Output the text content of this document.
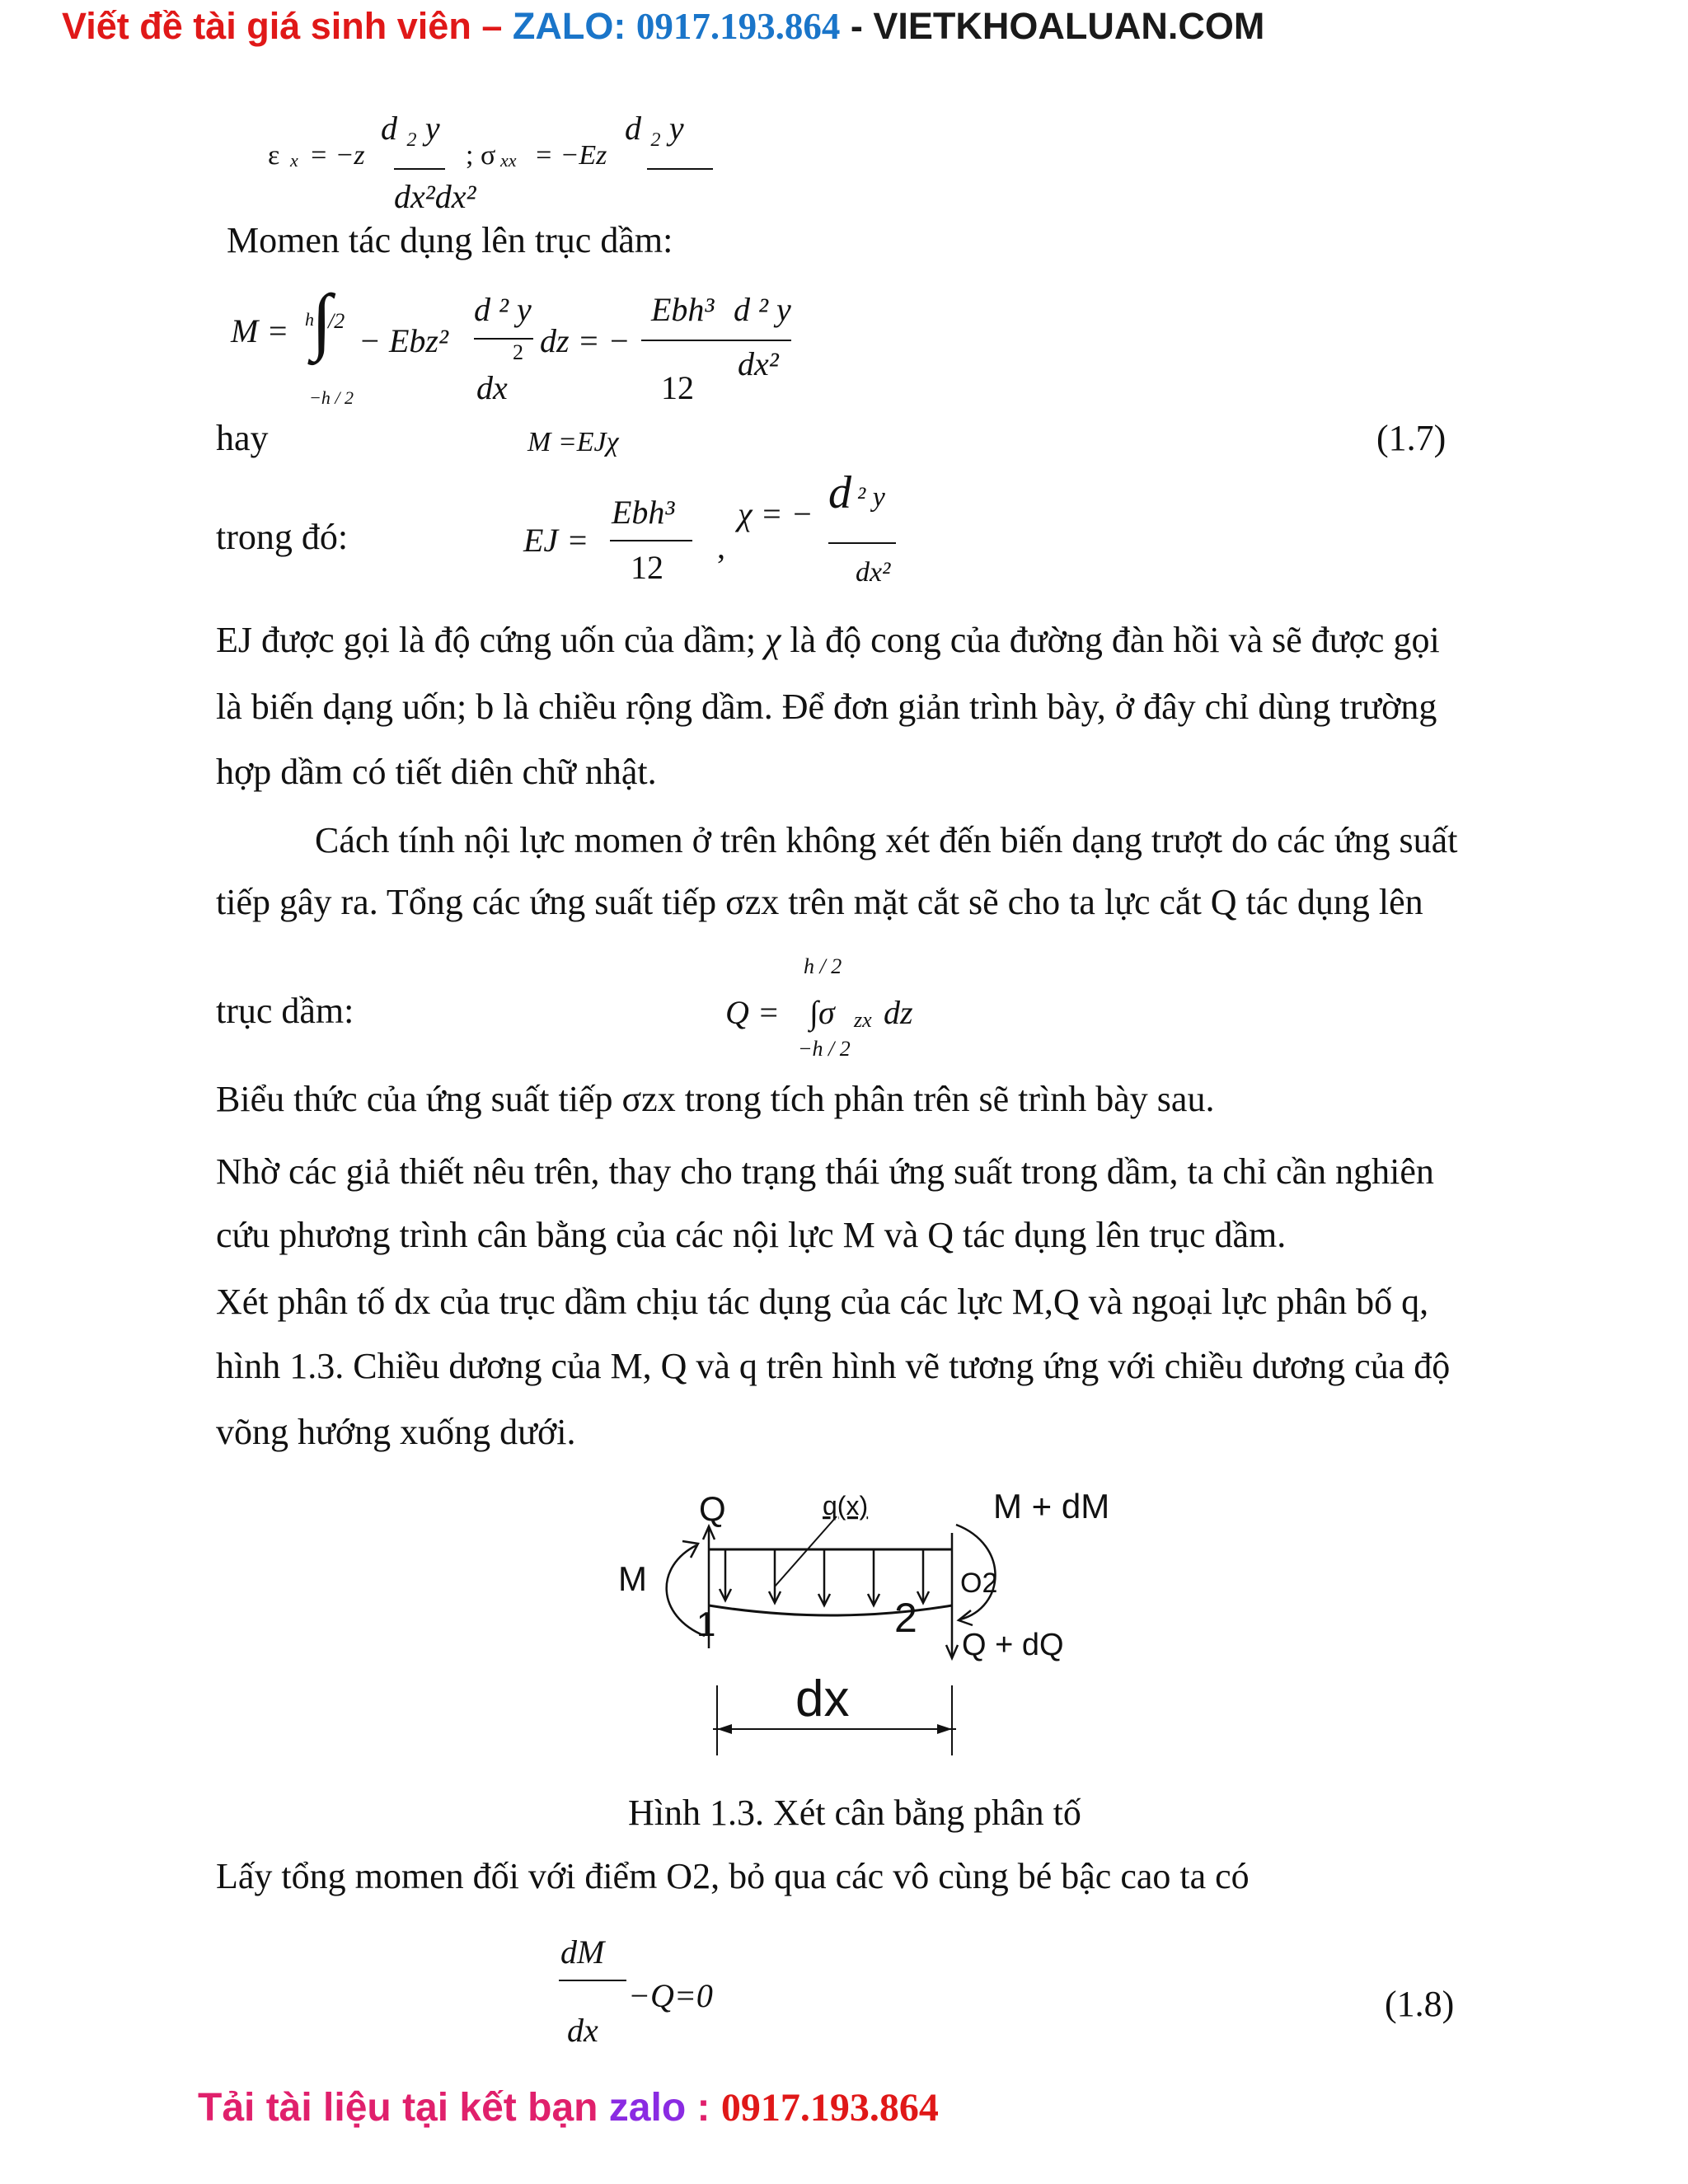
Viết đề tài giá sinh viên – ZALO: 0917.193.864 - VIETKHOALUAN.COM
ε x = −z
d ₂ y
; σ xx = −Ez
d ₂ y
dx²dx²
Momen tác dụng lên trục dầm:
M = h
∫
/2
− Ebz²
d ² y
2
dx
dz = −
Ebh³
12
d ² y
dx²
−h / 2
hay	M =EJχ	(1.7)
trong đó:	EJ =
Ebh³
12
,
χ = − d ² y
dx²
EJ được gọi là độ cứng uốn của dầm; χ là độ cong của đường đàn hồi và sẽ được gọi
là biến dạng uốn; b là chiều rộng dầm. Để đơn giản trình bày, ở đây chỉ dùng trường
hợp dầm có tiết diên chữ nhật.
Cách tính nội lực momen ở trên không xét đến biến dạng trượt do các ứng suất
tiếp gây ra. Tổng các ứng suất tiếp σzx trên mặt cắt sẽ cho ta lực cắt Q tác dụng lên
trục dầm:
h / 2
Q = ∫σ zx dz
−h / 2
Biểu thức của ứng suất tiếp σzx trong tích phân trên sẽ trình bày sau.
Nhờ các giả thiết nêu trên, thay cho trạng thái ứng suất trong dầm, ta chỉ cần nghiên
cứu phương trình cân bằng của các nội lực M và Q tác dụng lên trục dầm.
Xét phân tố dx của trục dầm chịu tác dụng của các lực M,Q và ngoại lực phân bố q,
hình 1.3. Chiều dương của M, Q và q trên hình vẽ tương ứng với chiều dương của độ
võng hướng xuống dưới.
Q	q(x)	M + dM
M	O2
1	2
Q + dQ
dx
Hình 1.3. Xét cân bằng phân tố
Lấy tổng momen đối với điểm O2, bỏ qua các vô cùng bé bậc cao ta có
dM
dx
−Q=0	(1.8)
Tải tài liệu tại kết bạn zalo : 0917.193.864
